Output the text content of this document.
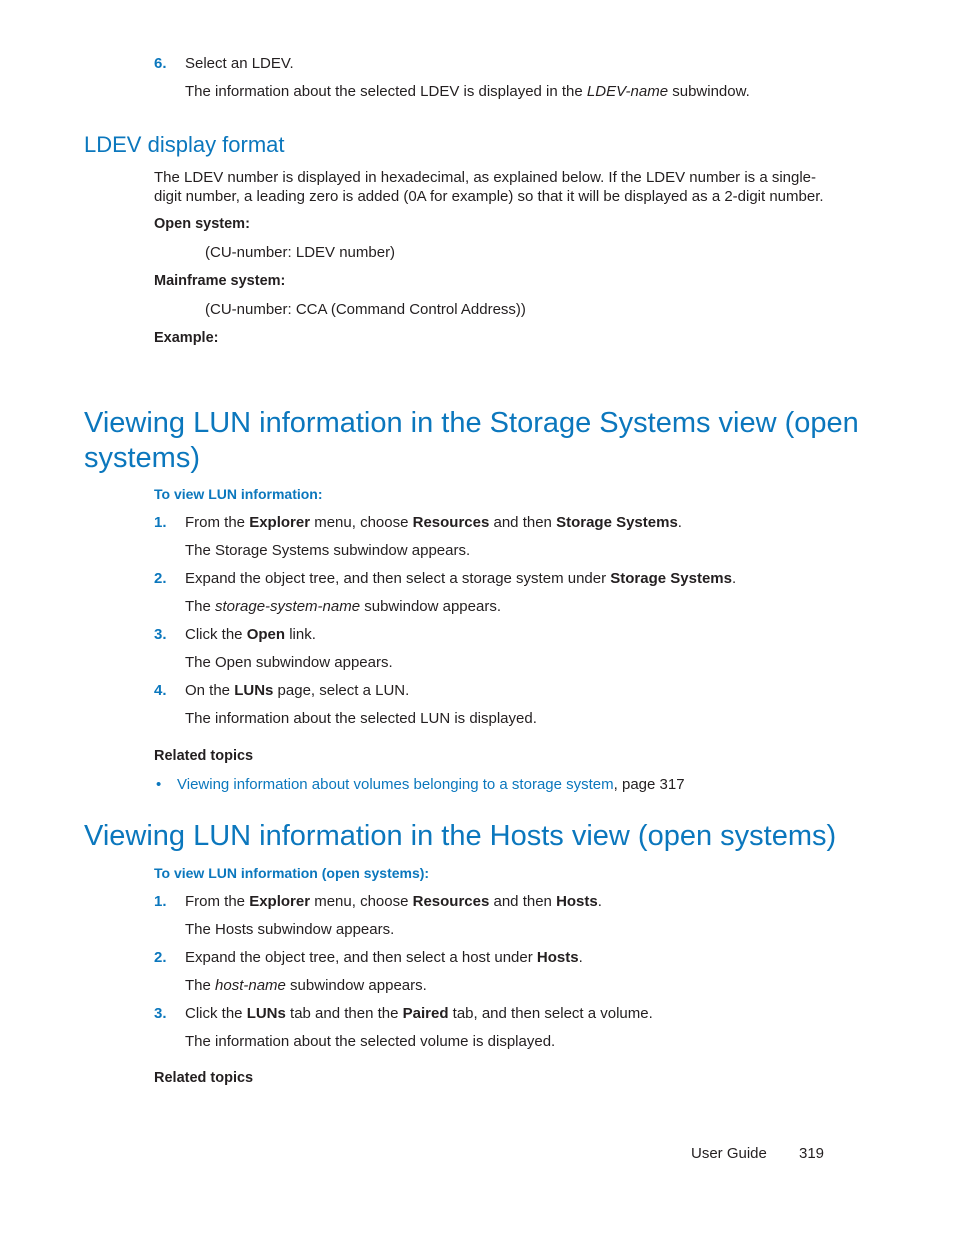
6. Select an LDEV.
The information about the selected LDEV is displayed in the LDEV-name subwindow.
LDEV display format
The LDEV number is displayed in hexadecimal, as explained below. If the LDEV number is a single-digit number, a leading zero is added (0A for example) so that it will be displayed as a 2-digit number.
Open system:
(CU-number: LDEV number)
Mainframe system:
(CU-number: CCA (Command Control Address))
Example:
Viewing LUN information in the Storage Systems view (open
systems)
To view LUN information:
1. From the Explorer menu, choose Resources and then Storage Systems.
The Storage Systems subwindow appears.
2. Expand the object tree, and then select a storage system under Storage Systems.
The storage-system-name subwindow appears.
3. Click the Open link.
The Open subwindow appears.
4. On the LUNs page, select a LUN.
The information about the selected LUN is displayed.
Related topics
• Viewing information about volumes belonging to a storage system, page 317
Viewing LUN information in the Hosts view (open systems)
To view LUN information (open systems):
1. From the Explorer menu, choose Resources and then Hosts.
The Hosts subwindow appears.
2. Expand the object tree, and then select a host under Hosts.
The host-name subwindow appears.
3. Click the LUNs tab and then the Paired tab, and then select a volume.
The information about the selected volume is displayed.
Related topics
User Guide 319
